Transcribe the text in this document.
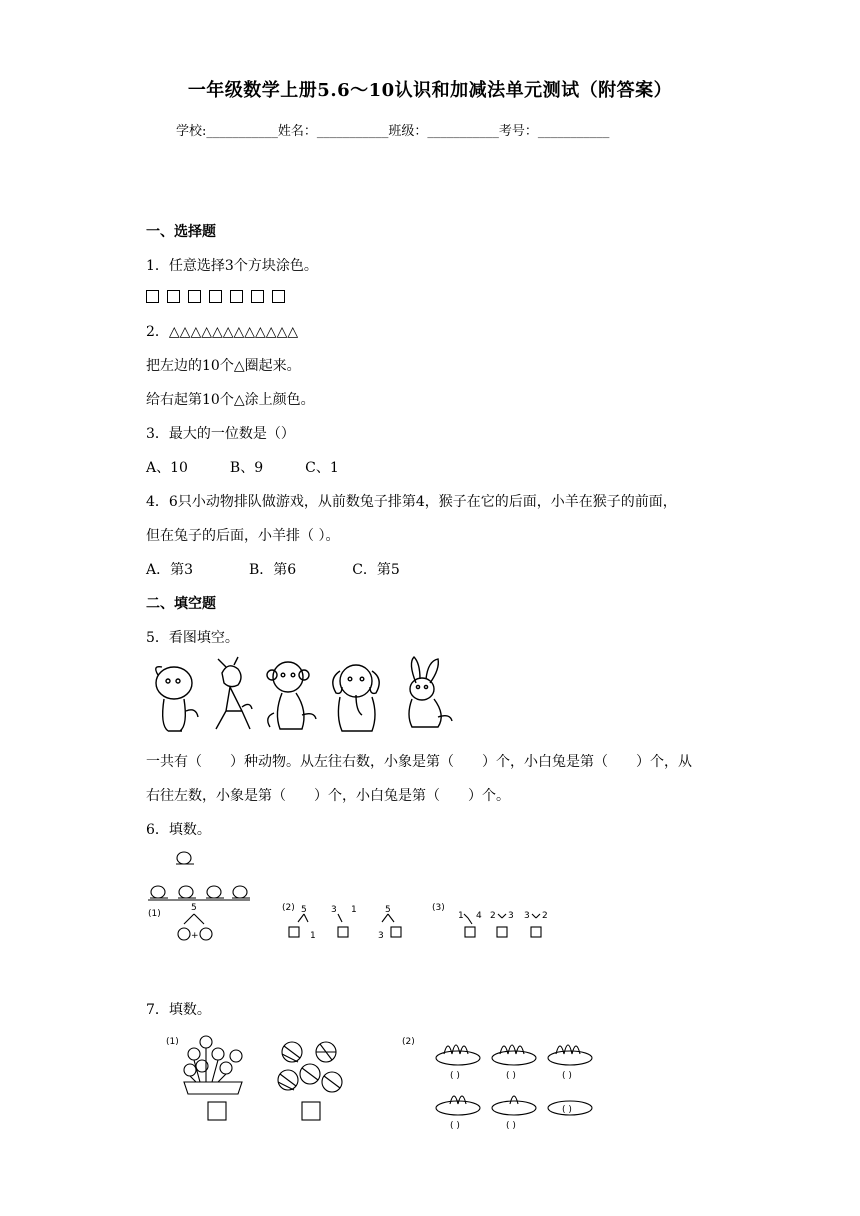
一年级数学上册5.6～10认识和加减法单元测试（附答案）
学校:___________姓名：___________班级：___________考号：___________
一、选择题
1．任意选择3个方块涂色。
2．△△△△△△△△△△△△
把左边的10个△圈起来。
给右起第10个△涂上颜色。
3．最大的一位数是（）
A、10　　　B、9　　　C、1
4．6只小动物排队做游戏，从前数兔子排第4，猴子在它的后面，小羊在猴子的前面，
但在兔子的后面，小羊排（ ）。
A．第3　　　　B．第6　　　　C．第5
二、填空题
5．看图填空。
一共有（　　）种动物。从左往右数，小象是第（　　）个，小白兔是第（　　）个，从
右往左数，小象是第（　　）个，小白兔是第（　　）个。
6．填数。
(1)
5
+
(2) 5
1
3 1	5
3
(3)
1 4 2 3 3 2
7．填数。
(1)	(2)
( )	( )	( )
( )	( )
( )
